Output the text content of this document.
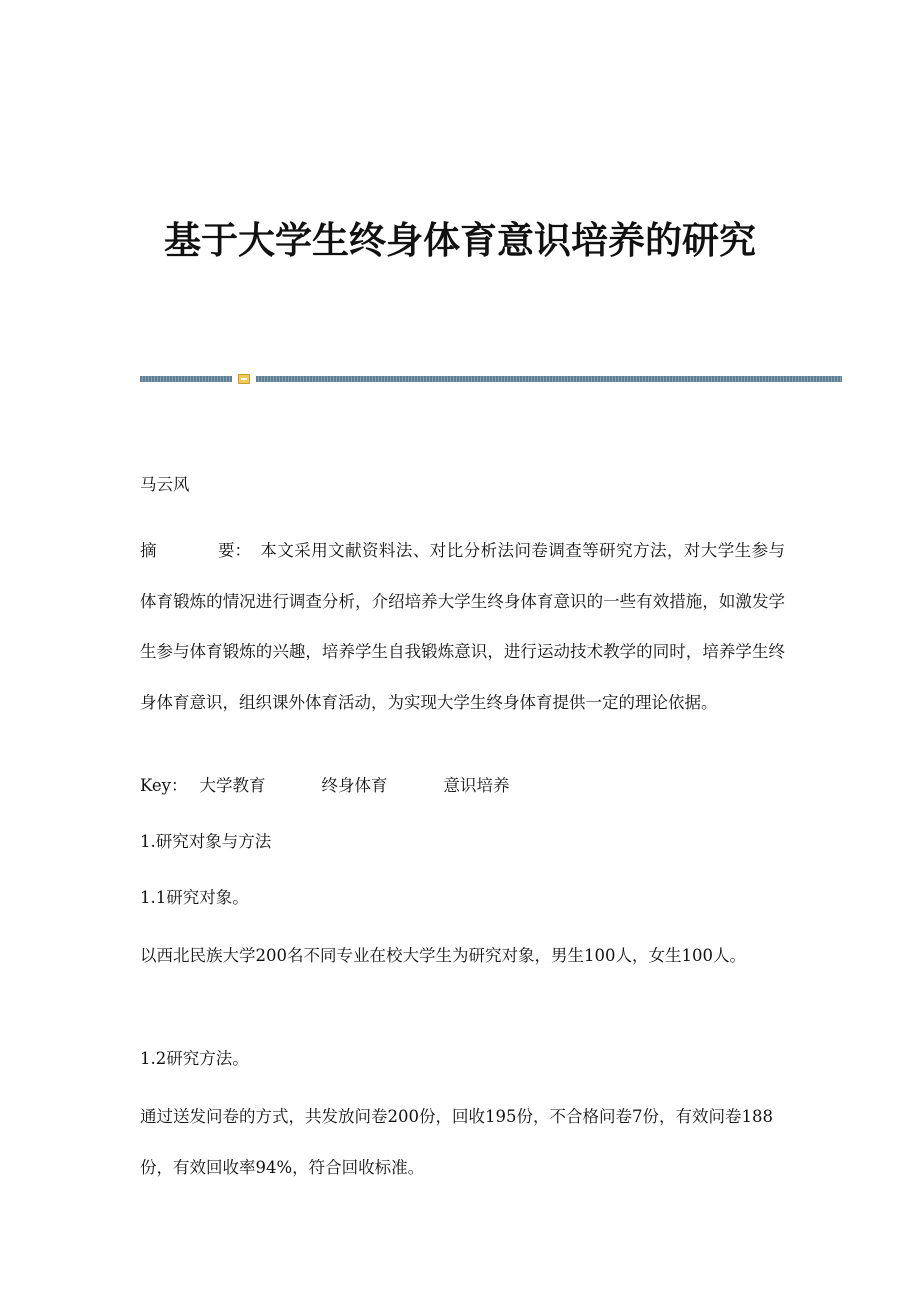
基于大学生终身体育意识培养的研究

马云风

摘	要： 本文采用文献资料法、对比分析法问卷调查等研究方法，对大学生参与体育锻炼的情况进行调查分析，介绍培养大学生终身体育意识的一些有效措施，如激发学生参与体育锻炼的兴趣，培养学生自我锻炼意识，进行运动技术教学的同时，培养学生终身体育意识，组织课外体育活动，为实现大学生终身体育提供一定的理论依据。

Key： 大学教育	终身体育	意识培养

1.研究对象与方法

1.1研究对象。

以西北民族大学200名不同专业在校大学生为研究对象，男生100人，女生100人。

1.2研究方法。

通过送发问卷的方式，共发放问卷200份，回收195份，不合格问卷7份，有效问卷188份，有效回收率94%，符合回收标准。
